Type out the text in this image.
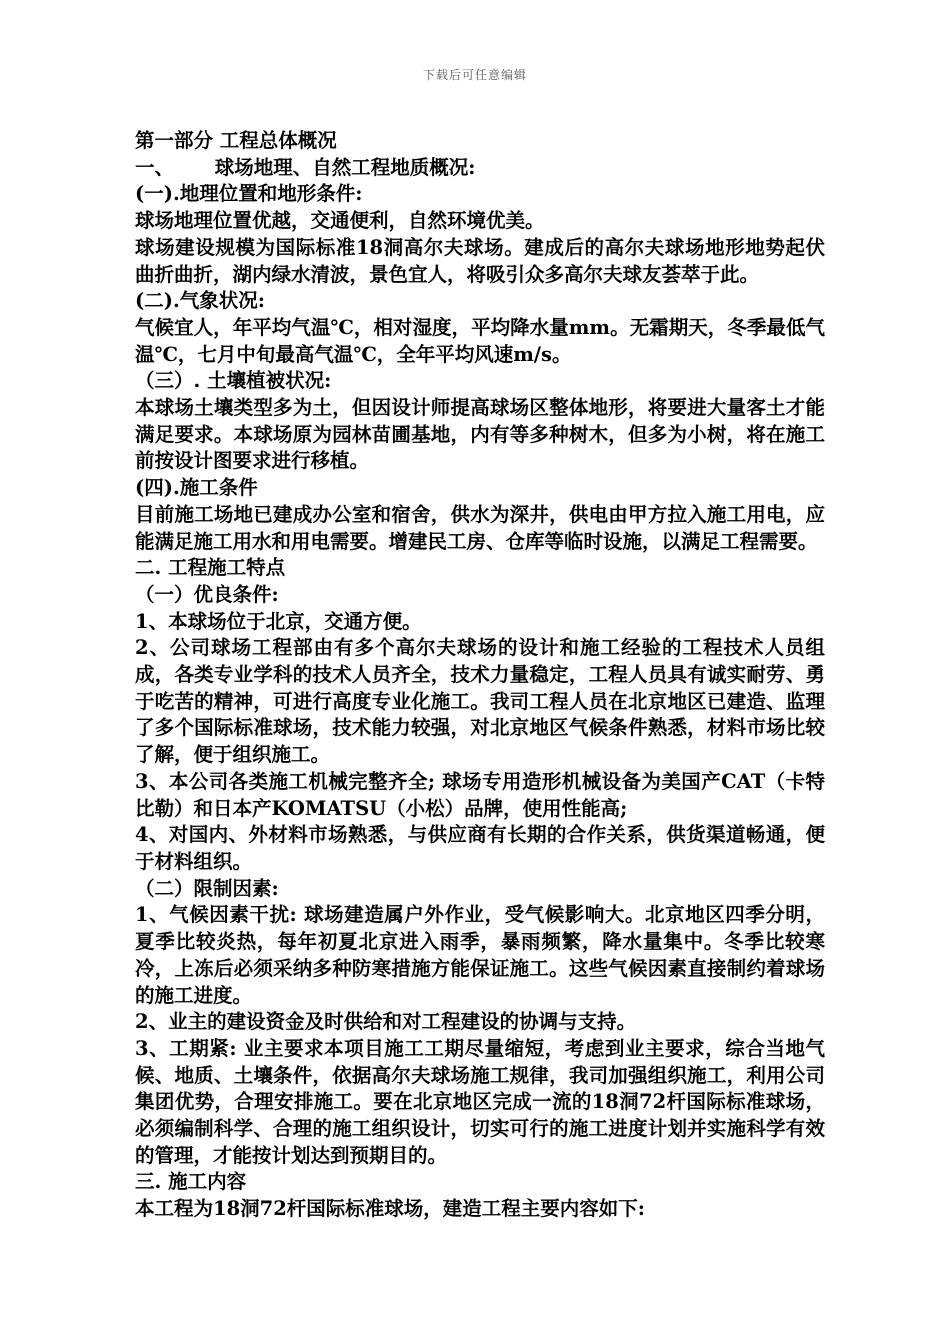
下载后可任意编辑

第一部分 工程总体概况

一、      球场地理、自然工程地质概况:

(一).地理位置和地形条件:

球场地理位置优越，交通便利，自然环境优美。

球场建设规模为国际标准18洞高尔夫球场。建成后的高尔夫球场地形地势起伏曲折曲折，湖内绿水清波，景色宜人，将吸引众多高尔夫球友荟萃于此。

(二).气象状况:

气候宜人，年平均气温℃，相对湿度，平均降水量mm。无霜期天，冬季最低气温℃，七月中旬最高气温℃，全年平均风速m/s。

（三）. 土壤植被状况:

本球场土壤类型多为土，但因设计师提高球场区整体地形，将要进大量客土才能满足要求。本球场原为园林苗圃基地，内有等多种树木，但多为小树，将在施工前按设计图要求进行移植。

(四).施工条件

目前施工场地已建成办公室和宿舍，供水为深井，供电由甲方拉入施工用电，应能满足施工用水和用电需要。增建民工房、仓库等临时设施，以满足工程需要。

二. 工程施工特点

（一）优良条件:

1、本球场位于北京，交通方便。

2、公司球场工程部由有多个高尔夫球场的设计和施工经验的工程技术人员组成，各类专业学科的技术人员齐全，技术力量稳定，工程人员具有诚实耐劳、勇于吃苦的精神，可进行高度专业化施工。我司工程人员在北京地区已建造、监理了多个国际标准球场，技术能力较强，对北京地区气候条件熟悉，材料市场比较了解，便于组织施工。

3、本公司各类施工机械完整齐全; 球场专用造形机械设备为美国产CAT（卡特比勒）和日本产KOMATSU（小松）品牌，使用性能高;

4、对国内、外材料市场熟悉，与供应商有长期的合作关系，供货渠道畅通，便于材料组织。

（二）限制因素:

1、气候因素干扰: 球场建造属户外作业，受气候影响大。北京地区四季分明，夏季比较炎热，每年初夏北京进入雨季，暴雨频繁，降水量集中。冬季比较寒冷，上冻后必须采纳多种防寒措施方能保证施工。这些气候因素直接制约着球场的施工进度。

2、业主的建设资金及时供给和对工程建设的协调与支持。

3、工期紧: 业主要求本项目施工工期尽量缩短，考虑到业主要求，综合当地气候、地质、土壤条件，依据高尔夫球场施工规律，我司加强组织施工，利用公司集团优势，合理安排施工。要在北京地区完成一流的18洞72杆国际标准球场，必须编制科学、合理的施工组织设计，切实可行的施工进度计划并实施科学有效的管理，才能按计划达到预期目的。

三. 施工内容

本工程为18洞72杆国际标准球场，建造工程主要内容如下:
